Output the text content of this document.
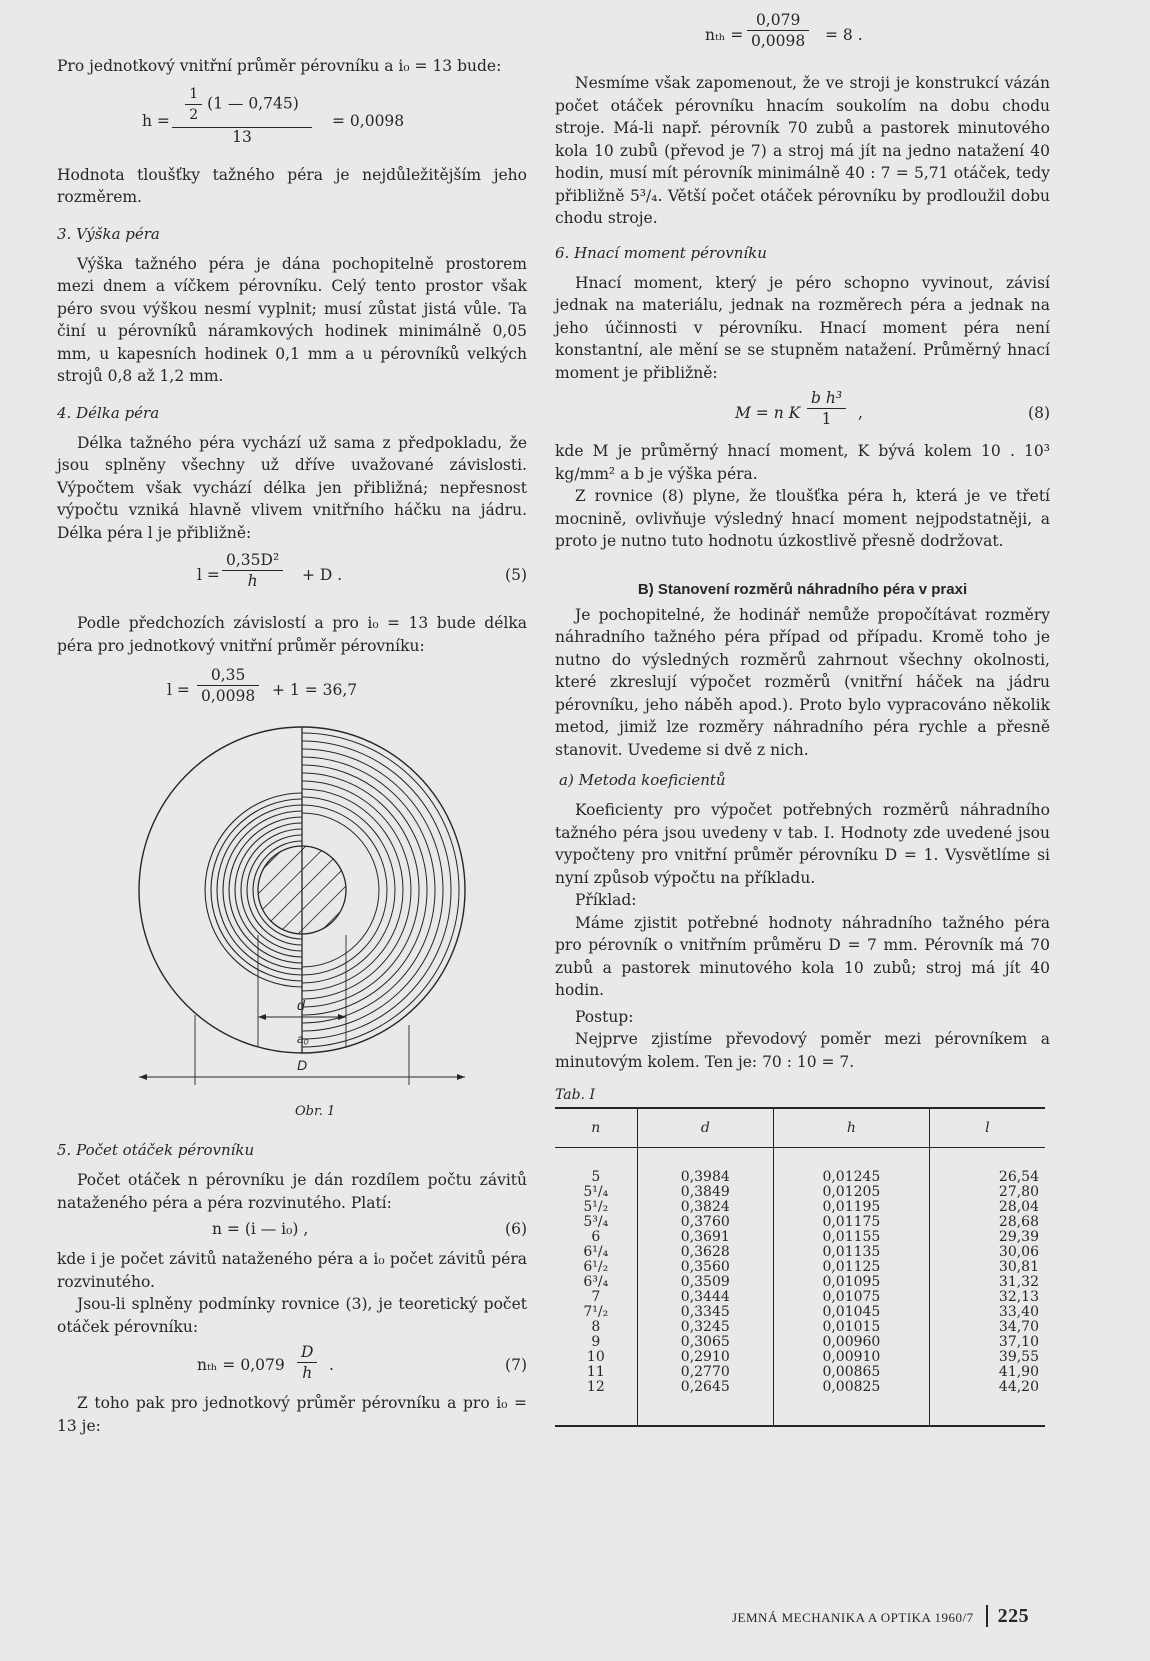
Pro jednotkový vnitřní průměr pérovníku a i₀ = 13 bude:

$h = \frac{1}{2} (1$ — 0,745)
13
= 0,0098

Hodnota tloušťky tažného péra je nejdůležitějším jeho rozměrem.

3. Výška péra

Výška tažného péra je dána pochopitelně prostorem mezi dnem a víčkem pérovníku. Celý tento prostor však péro svou výškou nesmí vyplnit; musí zůstat jistá vůle. Ta činí u pérovníků náramkových hodinek minimálně 0,05 mm, u kapesních hodinek 0,1 mm a u pérovníků velkých strojů 0,8 až 1,2 mm.

4. Délka péra

Délka tažného péra vychází už sama z předpokladu, že jsou splněny všechny už dříve uvažované závislosti. Výpočtem však vychází délka jen přibližná; nepřesnost výpočtu vzniká hlavně vlivem vnitřního háčku na jádru. Délka péra l je přibližně:

$l = \frac{\text{0,35D²}}{h} + D$ .	(5)

Podle předchozích závislostí a pro i₀ = 13 bude délka péra pro jednotkový vnitřní průměr pérovníku:

$l = \frac{0,35}{0,0098} + 1 = 36,7$
d
a₀
D
Obr. 1
5. Počet otáček pérovníku

Počet otáček n pérovníku je dán rozdílem počtu závitů nataženého péra a péra rozvinutého. Platí:

n = (i — i₀) ,	(6)

kde i je počet závitů nataženého péra a i₀ počet závitů péra rozvinutého.

Jsou-li splněny podmínky rovnice (3), je teoretický počet otáček pérovníku:

$n_{th} = 0,079 \frac{D}{h}$ .	(7)

Z toho pak pro jednotkový průměr pérovníku a pro i₀ = 13 je:

$n_{th} = \frac{0,079}{0,0098} = 8$ .

Nesmíme však zapomenout, že ve stroji je konstrukcí vázán počet otáček pérovníku hnacím soukolím na dobu chodu stroje. Má-li např. pérovník 70 zubů a pastorek minutového kola 10 zubů (převod je 7) a stroj má jít na jedno natažení 40 hodin, musí mít pérovník minimálně 40 : 7 = 5,71 otáček, tedy přibližně 5³/₄. Větší počet otáček pérovníku by prodloužil dobu chodu stroje.

6. Hnací moment pérovníku

Hnací moment, který je péro schopno vyvinout, závisí jednak na materiálu, jednak na rozměrech péra a jednak na jeho účinnosti v pérovníku. Hnací moment péra není konstantní, ale mění se se stupněm natažení. Průměrný hnací moment je přibližně:

M = n K $\frac{\text{b h³}}{1}$ ,	(8)

kde M je průměrný hnací moment, K bývá kolem 10 . 10³ kg/mm² a b je výška péra.

Z rovnice (8) plyne, že tloušťka péra h, která je ve třetí mocnině, ovlivňuje výsledný hnací moment nejpodstatněji, a proto je nutno tuto hodnotu úzkostlivě přesně dodržovat.

B) Stanovení rozměrů náhradního péra v praxi

Je pochopitelné, že hodinář nemůže propočítávat rozměry náhradního tažného péra případ od případu. Kromě toho je nutno do výsledných rozměrů zahrnout všechny okolnosti, které zkreslují výpočet rozměrů (vnitřní háček na jádru pérovníku, jeho náběh apod.). Proto bylo vypracováno několik metod, jimiž lze rozměry náhradního péra rychle a přesně stanovit. Uvedeme si dvě z nich.

a) Metoda koeficientů

Koeficienty pro výpočet potřebných rozměrů náhradního tažného péra jsou uvedeny v tab. I. Hodnoty zde uvedené jsou vypočteny pro vnitřní průměr pérovníku D = 1. Vysvětlíme si nyní způsob výpočtu na příkladu.

Příklad:

Máme zjistit potřebné hodnoty náhradního tažného péra pro pérovník o vnitřním průměru D = 7 mm. Pérovník má 70 zubů a pastorek minutového kola 10 zubů; stroj má jít 40 hodin.

Postup:

Nejprve zjistíme převodový poměr mezi pérovníkem a minutovým kolem. Ten je: 70 : 10 = 7.

Tab. I
n	d	h	l
5	0,3984	0,01245	26,54
5¹/₄	0,3849	0,01205	27,80
5¹/₂	0,3824	0,01195	28,04
5³/₄	0,3760	0,01175	28,68
6	0,3691	0,01155	29,39
6¹/₄	0,3628	0,01135	30,06
6¹/₂	0,3560	0,01125	30,81
6³/₄	0,3509	0,01095	31,32
7	0,3444	0,01075	32,13
7¹/₂	0,3345	0,01045	33,40
8	0,3245	0,01015	34,70
9	0,3065	0,00960	37,10
10	0,2910	0,00910	39,55
11	0,2770	0,00865	41,90
12	0,2645	0,00825	44,20
JEMNÁ MECHANIKA A OPTIKA 1960/7 225
